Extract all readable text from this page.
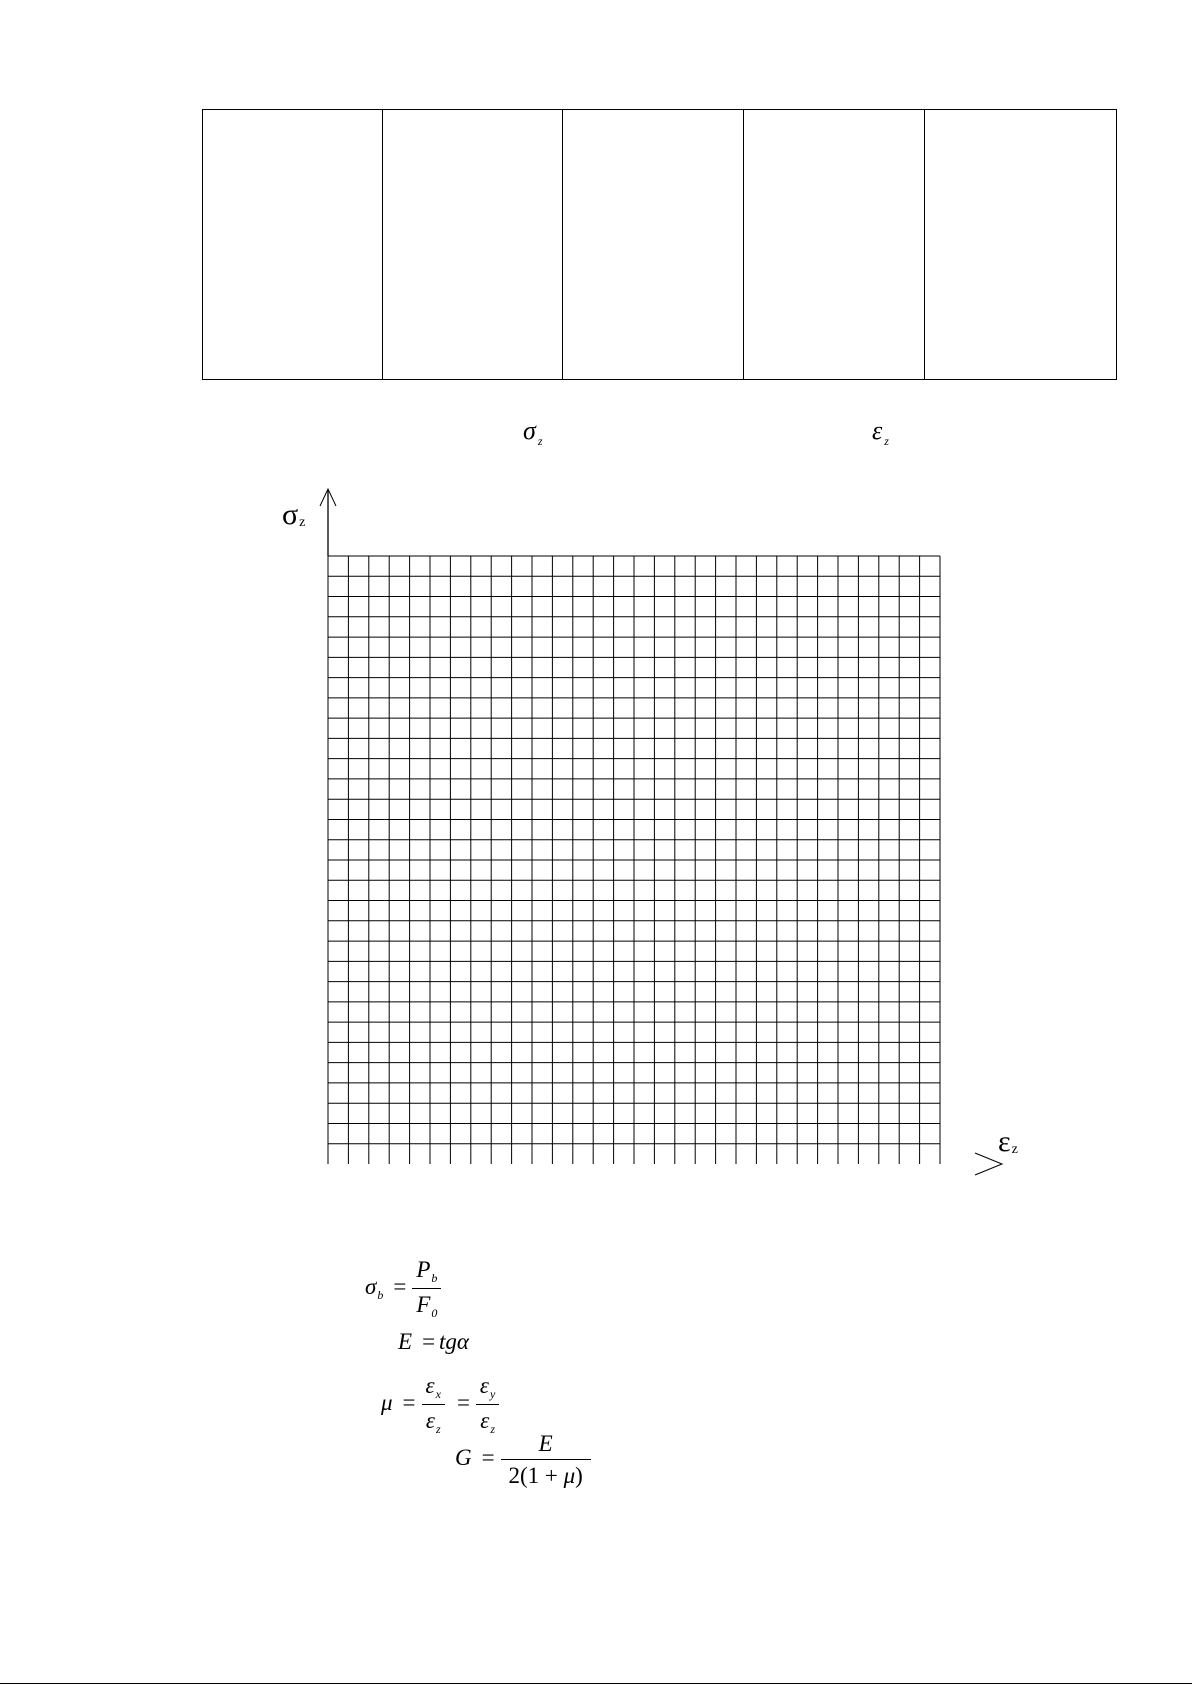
σ $_z$	ε $_z$
$\sigma_z$
$\varepsilon_z$
$\sigma_b = \frac{P_b}{F_0}$
E = tgα
$\mu = \frac{\varepsilon_x}{\varepsilon_z} = \frac{\varepsilon_y}{\varepsilon_z}$
$G = \frac{E}{2(1 + \mu)}$
